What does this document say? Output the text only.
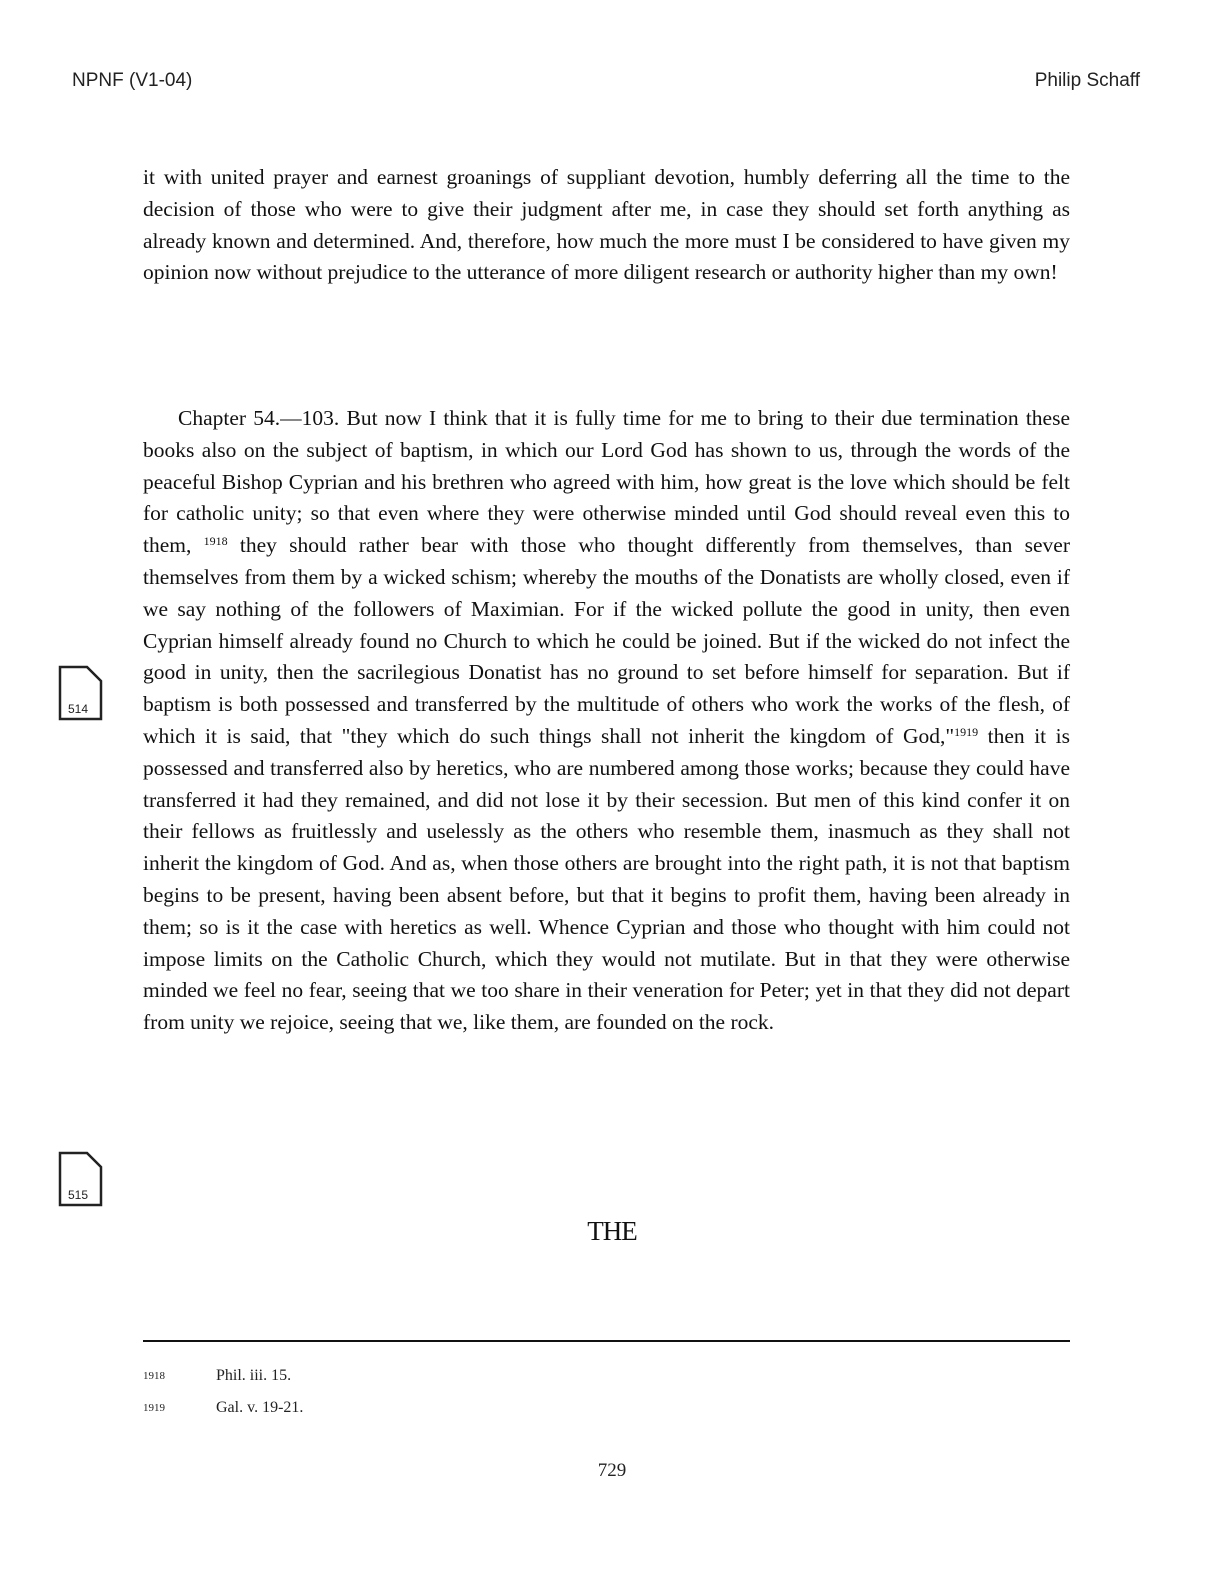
NPNF (V1-04)	Philip Schaff
it with united prayer and earnest groanings of suppliant devotion, humbly deferring all the time to the decision of those who were to give their judgment after me, in case they should set forth anything as already known and determined. And, therefore, how much the more must I be considered to have given my opinion now without prejudice to the utterance of more diligent research or authority higher than my own!
Chapter 54.—103. But now I think that it is fully time for me to bring to their due termination these books also on the subject of baptism, in which our Lord God has shown to us, through the words of the peaceful Bishop Cyprian and his brethren who agreed with him, how great is the love which should be felt for catholic unity; so that even where they were otherwise minded until God should reveal even this to them, $^{1918}$ they should rather bear with those who thought differently from themselves, than sever themselves from them by a wicked schism; whereby the mouths of the Donatists are wholly closed, even if we say nothing of the followers of Maximian. For if the wicked pollute the good in unity, then even Cyprian himself already found no Church to which he could be joined. But if the wicked do not infect the good in unity, then the sacrilegious Donatist has no ground to set before himself for separation. But if baptism is both possessed and transferred by the multitude of others who work the works of the flesh, of which it is said, that "they which do such things shall not inherit the kingdom of God,"$^{1919}$ then it is possessed and transferred also by heretics, who are numbered among those works; because they could have transferred it had they remained, and did not lose it by their secession. But men of this kind confer it on their fellows as fruitlessly and uselessly as the others who resemble them, inasmuch as they shall not inherit the kingdom of God. And as, when those others are brought into the right path, it is not that baptism begins to be present, having been absent before, but that it begins to profit them, having been already in them; so is it the case with heretics as well. Whence Cyprian and those who thought with him could not impose limits on the Catholic Church, which they would not mutilate. But in that they were otherwise minded we feel no fear, seeing that we too share in their veneration for Peter; yet in that they did not depart from unity we rejoice, seeing that we, like them, are founded on the rock.
514
515
THE
1918	Phil. iii. 15.
1919	Gal. v. 19-21.
729
